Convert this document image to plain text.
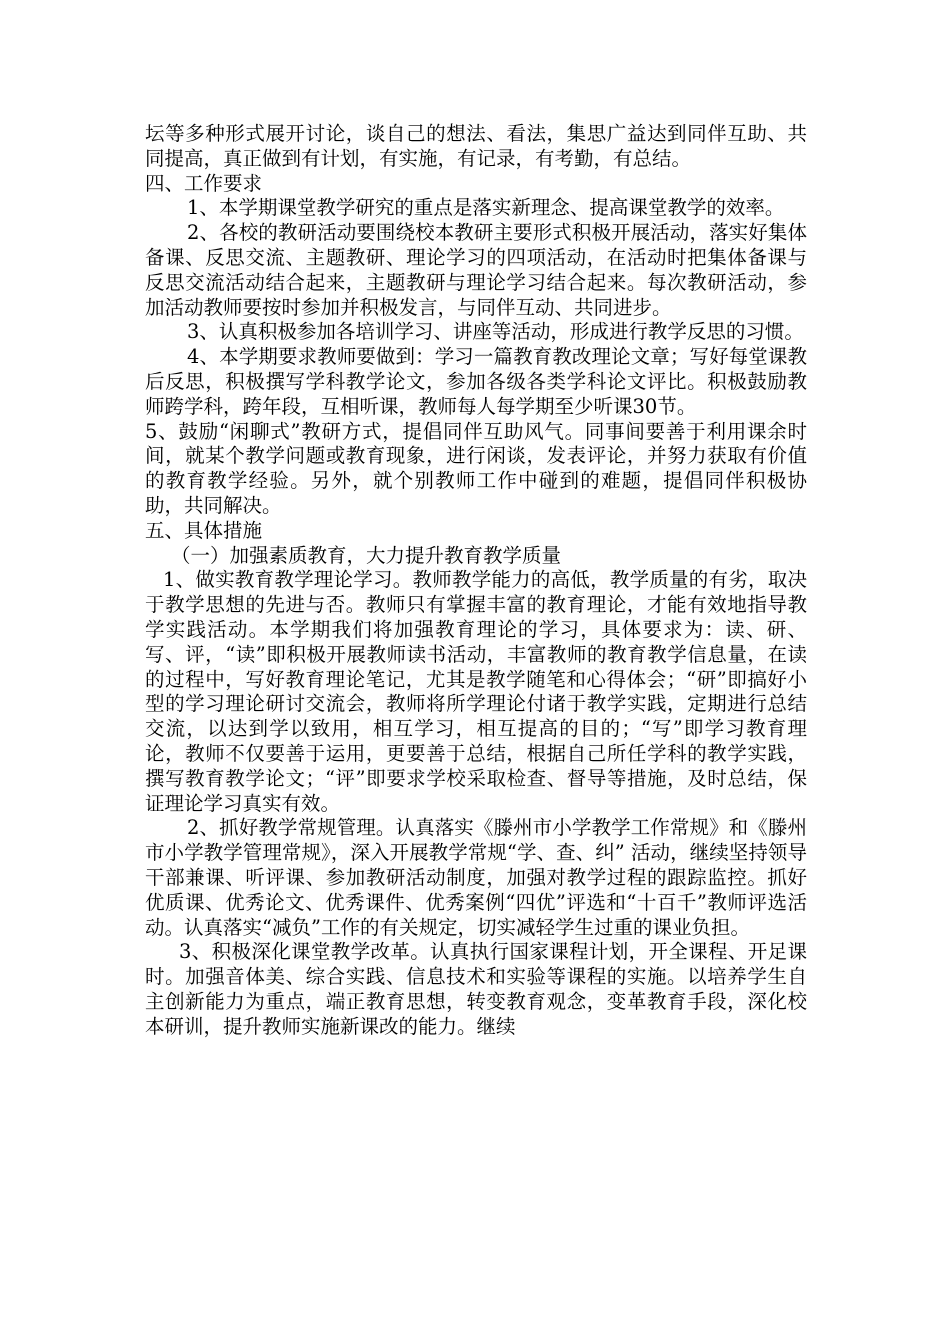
坛等多种形式展开讨论，谈自己的想法、看法，集思广益达到同伴互助、共同提高，真正做到有计划，有实施，有记录，有考勤，有总结。

四、工作要求

1、本学期课堂教学研究的重点是落实新理念、提高课堂教学的效率。

2、各校的教研活动要围绕校本教研主要形式积极开展活动，落实好集体备课、反思交流、主题教研、理论学习的四项活动，在活动时把集体备课与反思交流活动结合起来，主题教研与理论学习结合起来。每次教研活动，参加活动教师要按时参加并积极发言，与同伴互动、共同进步。

3、认真积极参加各培训学习、讲座等活动，形成进行教学反思的习惯。

4、本学期要求教师要做到：学习一篇教育教改理论文章；写好每堂课教后反思，积极撰写学科教学论文，参加各级各类学科论文评比。积极鼓励教师跨学科，跨年段，互相听课，教师每人每学期至少听课30节。

5、鼓励“闲聊式”教研方式，提倡同伴互助风气。同事间要善于利用课余时间，就某个教学问题或教育现象，进行闲谈，发表评论，并努力获取有价值的教育教学经验。另外，就个别教师工作中碰到的难题，提倡同伴积极协助，共同解决。

五、具体措施

（一）加强素质教育，大力提升教育教学质量

1、做实教育教学理论学习。教师教学能力的高低，教学质量的有劣，取决于教学思想的先进与否。教师只有掌握丰富的教育理论，才能有效地指导教学实践活动。本学期我们将加强教育理论的学习，具体要求为：读、研、写、评，“读”即积极开展教师读书活动，丰富教师的教育教学信息量，在读的过程中，写好教育理论笔记，尤其是教学随笔和心得体会；“研”即搞好小型的学习理论研讨交流会，教师将所学理论付诸于教学实践，定期进行总结交流，以达到学以致用，相互学习，相互提高的目的；“写”即学习教育理论，教师不仅要善于运用，更要善于总结，根据自己所任学科的教学实践，撰写教育教学论文；“评”即要求学校采取检查、督导等措施，及时总结，保证理论学习真实有效。

2、抓好教学常规管理。认真落实《滕州市小学教学工作常规》和《滕州市小学教学管理常规》，深入开展教学常规“学、查、纠” 活动，继续坚持领导干部兼课、听评课、参加教研活动制度，加强对教学过程的跟踪监控。抓好优质课、优秀论文、优秀课件、优秀案例“四优”评选和“十百千”教师评选活动。认真落实“减负”工作的有关规定，切实减轻学生过重的课业负担。

3、积极深化课堂教学改革。认真执行国家课程计划，开全课程、开足课时。加强音体美、综合实践、信息技术和实验等课程的实施。以培养学生自主创新能力为重点，端正教育思想，转变教育观念，变革教育手段，深化校本研训，提升教师实施新课改的能力。继续
